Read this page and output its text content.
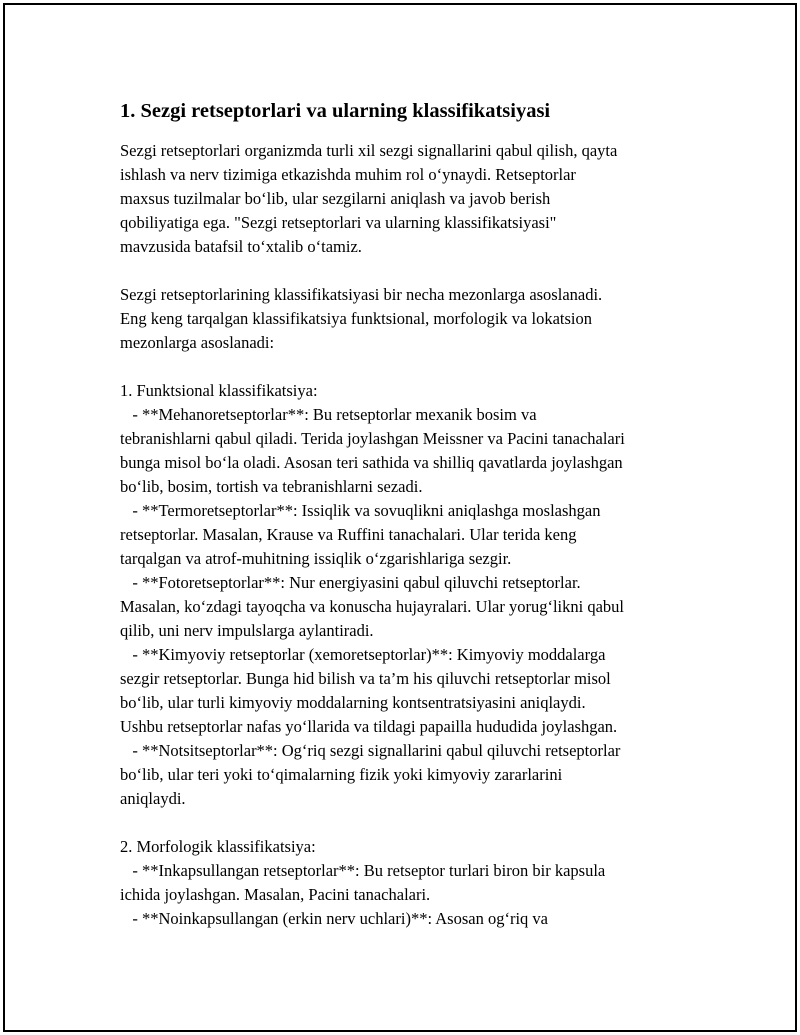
1. Sezgi retseptorlari va ularning klassifikatsiyasi
Sezgi retseptorlari organizmda turli xil sezgi signallarini qabul qilish, qayta
ishlash va nerv tizimiga etkazishda muhim rol o‘ynaydi. Retseptorlar
maxsus tuzilmalar bo‘lib, ular sezgilarni aniqlash va javob berish
qobiliyatiga ega. "Sezgi retseptorlari va ularning klassifikatsiyasi"
mavzusida batafsil to‘xtalib o‘tamiz.
Sezgi retseptorlarining klassifikatsiyasi bir necha mezonlarga asoslanadi.
Eng keng tarqalgan klassifikatsiya funktsional, morfologik va lokatsion
mezonlarga asoslanadi:
1. Funktsional klassifikatsiya:
- **Mehanoretseptorlar**: Bu retseptorlar mexanik bosim va
tebranishlarni qabul qiladi. Terida joylashgan Meissner va Pacini tanachalari
bunga misol bo‘la oladi. Asosan teri sathida va shilliq qavatlarda joylashgan
bo‘lib, bosim, tortish va tebranishlarni sezadi.
- **Termoretseptorlar**: Issiqlik va sovuqlikni aniqlashga moslashgan
retseptorlar. Masalan, Krause va Ruffini tanachalari. Ular terida keng
tarqalgan va atrof-muhitning issiqlik o‘zgarishlariga sezgir.
- **Fotoretseptorlar**: Nur energiyasini qabul qiluvchi retseptorlar.
Masalan, ko‘zdagi tayoqcha va konuscha hujayralari. Ular yorug‘likni qabul
qilib, uni nerv impulslarga aylantiradi.
- **Kimyoviy retseptorlar (xemoretseptorlar)**: Kimyoviy moddalarga
sezgir retseptorlar. Bunga hid bilish va ta’m his qiluvchi retseptorlar misol
bo‘lib, ular turli kimyoviy moddalarning kontsentratsiyasini aniqlaydi.
Ushbu retseptorlar nafas yo‘llarida va tildagi papailla hududida joylashgan.
- **Notsitseptorlar**: Og‘riq sezgi signallarini qabul qiluvchi retseptorlar
bo‘lib, ular teri yoki to‘qimalarning fizik yoki kimyoviy zararlarini
aniqlaydi.
2. Morfologik klassifikatsiya:
- **Inkapsullangan retseptorlar**: Bu retseptor turlari biron bir kapsula
ichida joylashgan. Masalan, Pacini tanachalari.
- **Noinkapsullangan (erkin nerv uchlari)**: Asosan og‘riq va
